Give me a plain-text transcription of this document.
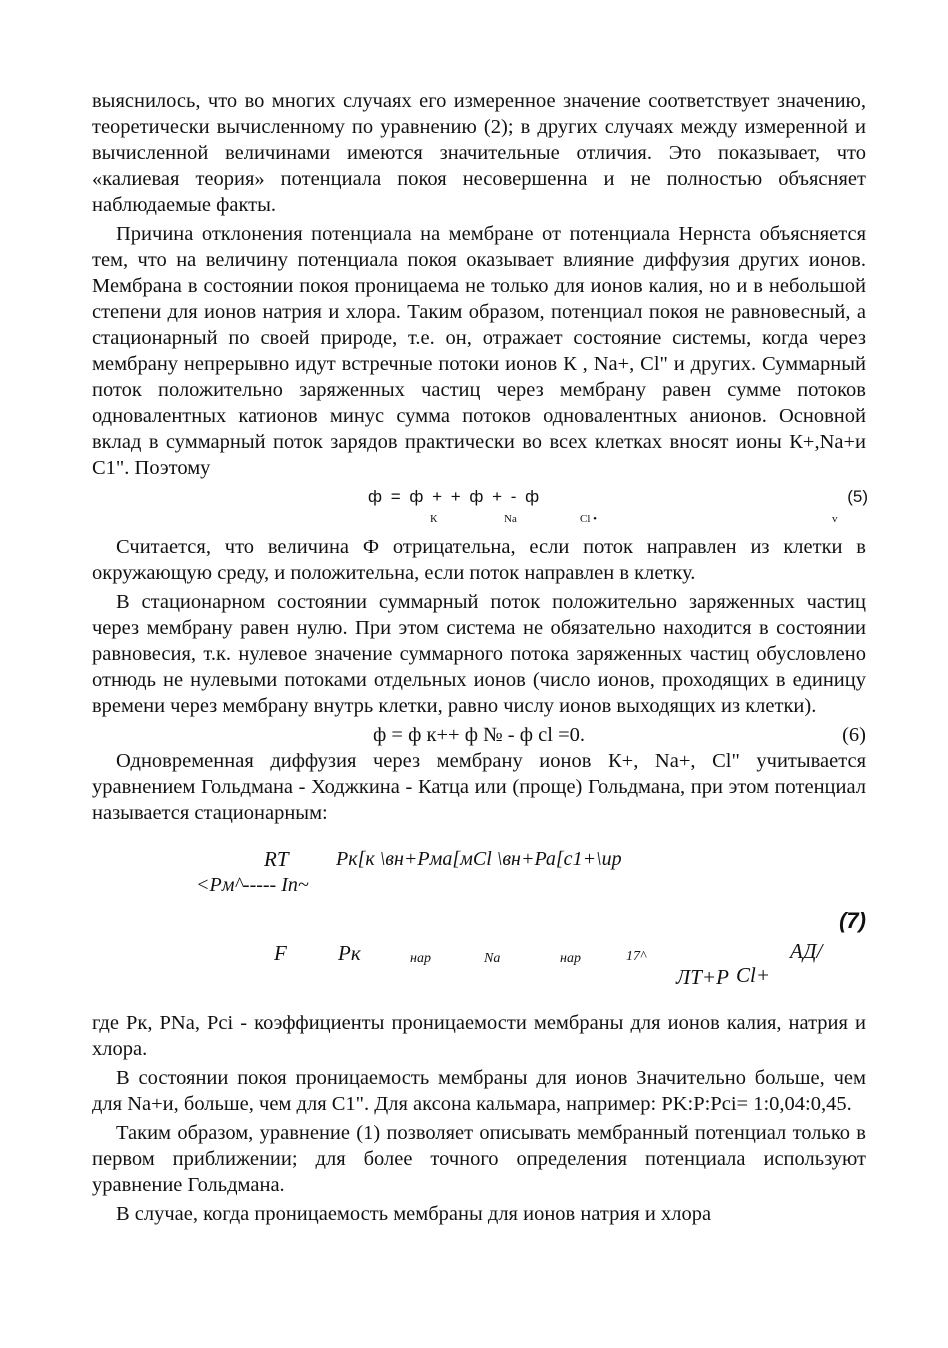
выяснилось, что во многих случаях его измеренное значение соответствует значению, теоретически вычисленному по уравнению (2); в других случаях между измеренной и вычисленной величинами имеются значительные отличия. Это показывает, что «калиевая теория» потенциала покоя несовершенна и не полностью объясняет наблюдаемые факты.

Причина отклонения потенциала на мембране от потенциала Нернста объясняется тем, что на величину потенциала покоя оказывает влияние диффузия других ионов. Мембрана в состоянии покоя проницаема не только для ионов калия, но и в небольшой степени для ионов натрия и хлора. Таким образом, потенциал покоя не равновесный, а стационарный по своей природе, т.е. он, отражает состояние системы, когда через мембрану непрерывно идут встречные потоки ионов К , Na+, Cl" и других. Суммарный поток положительно заряженных частиц через мембрану равен сумме потоков одновалентных катионов минус сумма потоков одновалентных анионов. Основной вклад в суммарный поток зарядов практически во всех клетках вносят ионы К+,Na+и С1". Поэтому

ф = ф + + ф + - ф
К	Na	Cl •	v
(5)

Считается, что величина Ф отрицательна, если поток направлен из клетки в окружающую среду, и положительна, если поток направлен в клетку.

В стационарном состоянии суммарный поток положительно заряженных частиц через мембрану равен нулю. При этом система не обязательно находится в состоянии равновесия, т.к. нулевое значение суммарного потока заряженных частиц обусловлено отнюдь не нулевыми потоками отдельных ионов (число ионов, проходящих в единицу времени через мембрану внутрь клетки, равно числу ионов выходящих из клетки).

ф = ф к++ ф № - ф cl =0.	(6)

Одновременная диффузия через мембрану ионов К+, Na+, Cl" учитывается уравнением Гольдмана - Ходжкина - Катца или (проще) Гольдмана, при этом потенциал называется стационарным:

RT Рк[к \вн+Рма[мСl \вн+Ра[с1+\ир
<Рм^----- In~
(7)
F Рк	нар	Na	нар	17^	АД/
ЛТ+Р Cl+

где Рк, PNa, Pci - коэффициенты проницаемости мембраны для ионов калия, натрия и хлора.

В состоянии покоя проницаемость мембраны для ионов Значительно больше, чем для Na+и, больше, чем для С1". Для аксона кальмара, например: PK:P:Pci= 1:0,04:0,45.

Таким образом, уравнение (1) позволяет описывать мембранный потенциал только в первом приближении; для более точного определения потенциала используют уравнение Гольдмана.

В случае, когда проницаемость мембраны для ионов натрия и хлора
